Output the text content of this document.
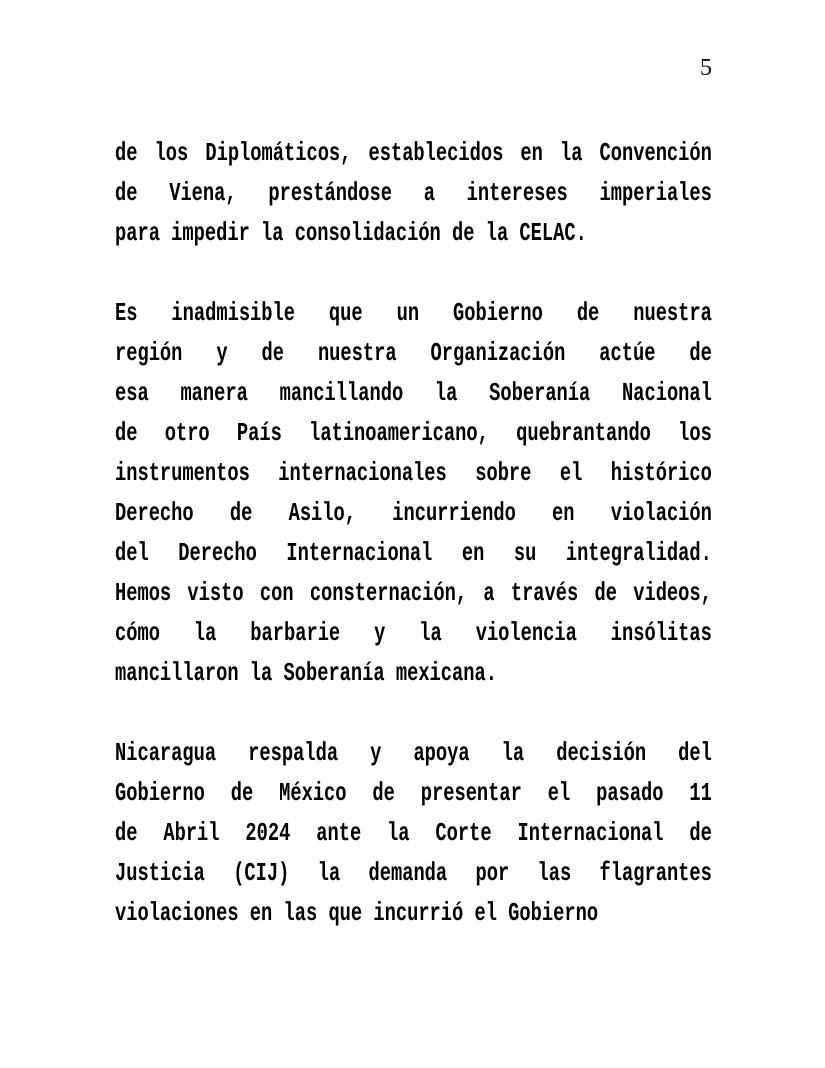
5
de los Diplomáticos, establecidos en la Convención
de Viena, prestándose a intereses imperiales
para impedir la consolidación de la CELAC.
Es inadmisible que un Gobierno de nuestra
región y de nuestra Organización actúe de
esa manera mancillando la Soberanía Nacional
de otro País latinoamericano, quebrantando los
instrumentos internacionales sobre el histórico
Derecho de Asilo, incurriendo en violación
del Derecho Internacional en su integralidad.
Hemos visto con consternación, a través de videos,
cómo la barbarie y la violencia insólitas
mancillaron la Soberanía mexicana.
Nicaragua respalda y apoya la decisión del
Gobierno de México de presentar el pasado 11
de Abril 2024 ante la Corte Internacional de
Justicia (CIJ) la demanda por las flagrantes
violaciones en las que incurrió el Gobierno
